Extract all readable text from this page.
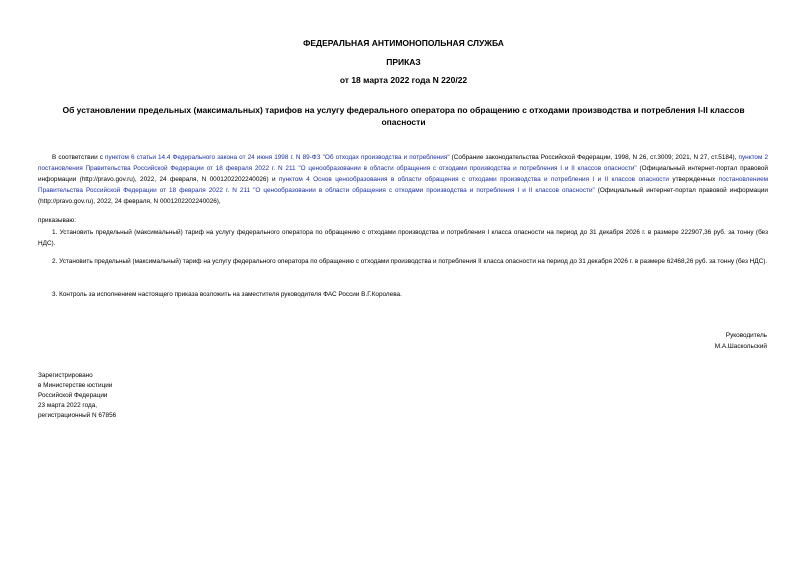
ФЕДЕРАЛЬНАЯ АНТИМОНОПОЛЬНАЯ СЛУЖБА
ПРИКАЗ
от 18 марта 2022 года N 220/22
Об установлении предельных (максимальных) тарифов на услугу федерального оператора по обращению с отходами производства и потребления I-II классов опасности

В соответствии с пунктом 6 статьи 14.4 Федерального закона от 24 июня 1998 г. N 89-ФЗ "Об отходах производства и потребления" (Собрание законодательства Российской Федерации, 1998, N 26, ст.3009; 2021, N 27, ст.5184), пунктом 2 постановления Правительства Российской Федерации от 18 февраля 2022 г. N 211 "О ценообразовании в области обращения с отходами производства и потребления I и II классов опасности" (Официальный интернет-портал правовой информации (http://pravo.gov.ru), 2022, 24 февраля, N 0001202202240026) и пунктом 4 Основ ценообразования в области обращения с отходами производства и потребления I и II классов опасности утвержденных постановлением Правительства Российской Федерации от 18 февраля 2022 г. N 211 "О ценообразовании в области обращения с отходами производства и потребления I и II классов опасности" (Официальный интернет-портал правовой информации (http://pravo.gov.ru), 2022, 24 февраля, N 0001202202240026),

приказываю:

1. Установить предельный (максимальный) тариф на услугу федерального оператора по обращению с отходами производства и потребления I класса опасности на период до 31 декабря 2026 г. в размере 222907,36 руб. за тонну (без НДС).

2. Установить предельный (максимальный) тариф на услугу федерального оператора по обращению с отходами производства и потребления II класса опасности на период до 31 декабря 2026 г. в размере 62468,26 руб. за тонну (без НДС).

3. Контроль за исполнением настоящего приказа возложить на заместителя руководителя ФАС России В.Г.Королева.

Руководитель
М.А.Шаскольский
Зарегистрировано
в Министерстве юстиции
Российской Федерации
23 марта 2022 года,
регистрационный N 67856
